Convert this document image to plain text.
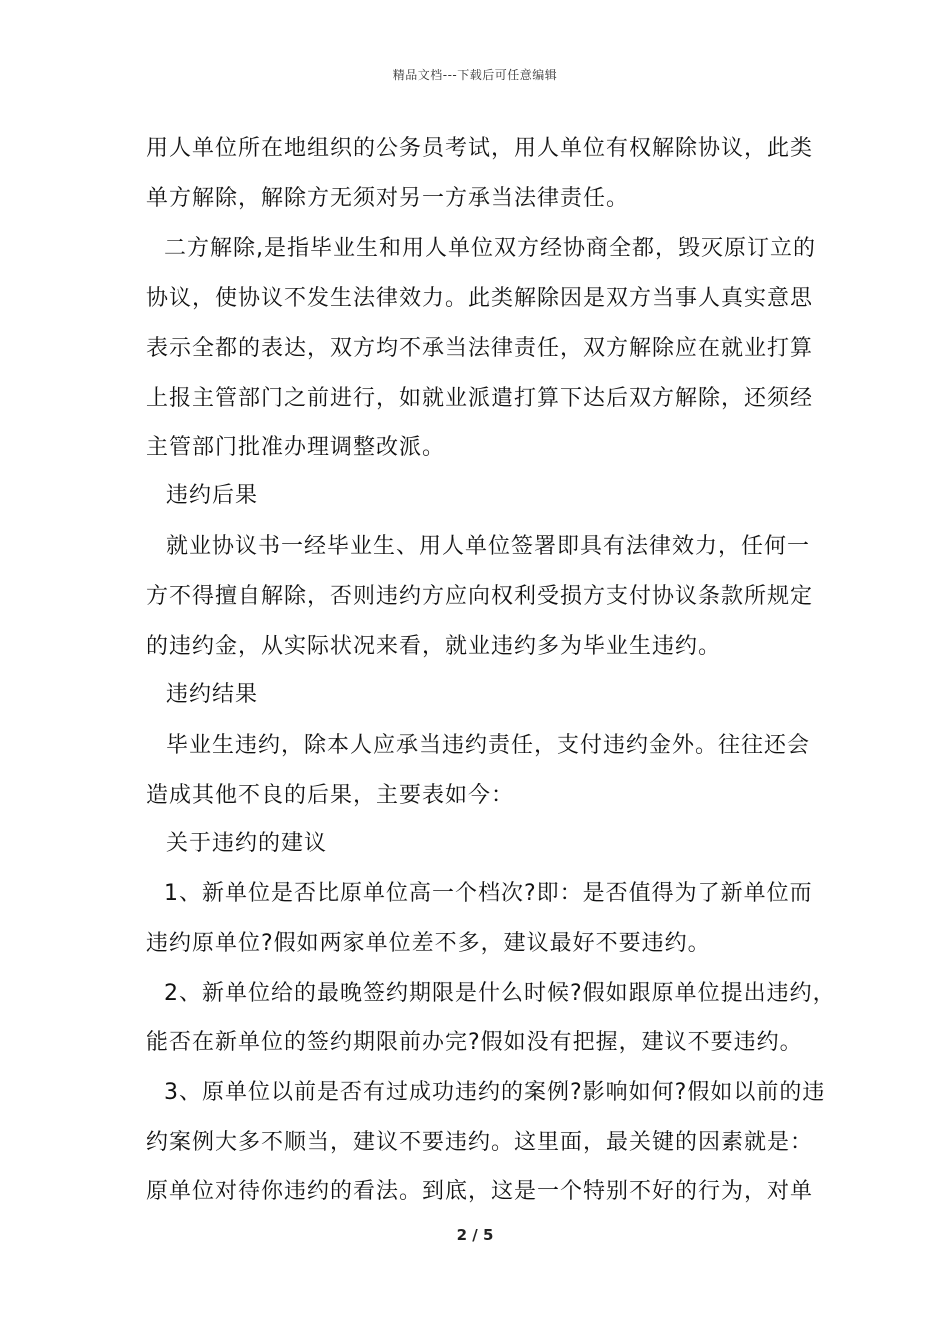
精品文档---下载后可任意编辑
用人单位所在地组织的公务员考试，用人单位有权解除协议，此类
单方解除，解除方无须对另一方承当法律责任。
二方解除,是指毕业生和用人单位双方经协商全都，毁灭原订立的
协议，使协议不发生法律效力。此类解除因是双方当事人真实意思
表示全都的表达，双方均不承当法律责任，双方解除应在就业打算
上报主管部门之前进行，如就业派遣打算下达后双方解除，还须经
主管部门批准办理调整改派。
违约后果
就业协议书一经毕业生、用人单位签署即具有法律效力，任何一
方不得擅自解除，否则违约方应向权利受损方支付协议条款所规定
的违约金，从实际状况来看，就业违约多为毕业生违约。
违约结果
毕业生违约，除本人应承当违约责任，支付违约金外。往往还会
造成其他不良的后果，主要表如今：
关于违约的建议
1、新单位是否比原单位高一个档次?即：是否值得为了新单位而
违约原单位?假如两家单位差不多，建议最好不要违约。
2、新单位给的最晚签约期限是什么时候?假如跟原单位提出违约，
能否在新单位的签约期限前办完?假如没有把握，建议不要违约。
3、原单位以前是否有过成功违约的案例?影响如何?假如以前的违
约案例大多不顺当，建议不要违约。这里面，最关键的因素就是：
原单位对待你违约的看法。到底，这是一个特别不好的行为，对单
2 / 5
